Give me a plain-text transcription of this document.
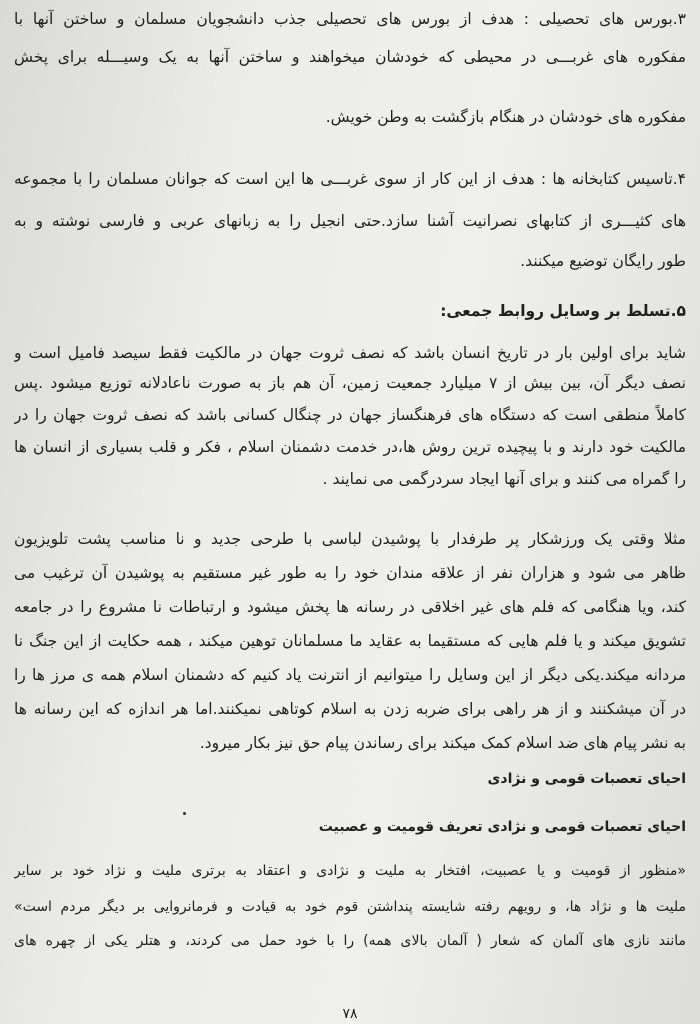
۳.بورس های تحصیلی : هدف از بورس های تحصیلی جذب دانشجویان مسلمان و ساختن آنها با
مفکوره های غربـــی در محیطی که خودشان میخواهند و ساختن آنها به یک وسیـــله برای پخش
مفکوره های خودشان در هنگام بازگشت به وطن خویش.
۴.تاسیس کتابخانه ها : هدف از این کار از سوی غربـــی ها این است که جوانان مسلمان را با مجموعه
های کثیـــری از کتابهای نصرانیت آشنا سازد.حتی انجیل را به زبانهای عربی و فارسی نوشته و به
طور رایگان توضیع میکنند.
۵.تسلط بر وسایل روابط جمعی:
شاید برای اولین بار در تاریخ انسان باشد که نصف ثروت جهان در مالکیت فقط سیصد فامیل است و
نصف دیگر آن، بین بیش از ۷ میلیارد جمعیت زمین، آن هم باز به صورت ناعادلانه توزیع میشود .پس
کاملاً منطقی است که دستگاه های فرهنگساز جهان در چنگال کسانی باشد که نصف ثروت جهان را در
مالکیت خود دارند و با پیچیده ترین روش ها،در خدمت دشمنان اسلام ، فکر و قلب بسیاری از انسان ها
را گمراه می کنند و برای آنها ایجاد سردرگمی می نمایند .
مثلا وقتی یک ورزشکار پر طرفدار با پوشیدن لباسی با طرحی جدید و نا مناسب پشت تلویزیون
ظاهر می شود و هزاران نفر از علاقه مندان خود را به طور غیر مستقیم به پوشیدن آن ترغیب می
کند، ویا هنگامی که فلم های غیر اخلاقی در رسانه ها پخش میشود و ارتباطات نا مشروع را در جامعه
تشویق میکند و یا فلم هایی که مستقیما به عقاید ما مسلمانان توهین میکند ، همه حکایت از این جنگ نا
مردانه میکند.یکی دیگر از این وسایل را میتوانیم از انترنت یاد کنیم که دشمنان اسلام همه ی مرز ها را
در آن میشکنند و از هر راهی برای ضربه زدن به اسلام کوتاهی نمیکنند.اما هر اندازه که این رسانه ها
به نشر پیام های ضد اسلام کمک میکند برای رساندن پیام حق نیز بکار میرود.
احیای تعصبات قومی و نژادی
احیای تعصبات قومی و نژادی تعریف قومیت و عصبیت
«منظور از قومیت و یا عصبیت، افتخار به ملیت و نژادی و اعتقاد به برتری ملیت و نژاد خود بر سایر
ملیت ها و نژاد ها، و رویهم رفته شایسته پنداشتن قوم خود به قیادت و فرمانروایی بر دیگر مردم است»
مانند نازی های آلمان که شعار ( آلمان بالای همه) را با خود حمل می کردند، و هتلر یکی از چهره های
۷۸
